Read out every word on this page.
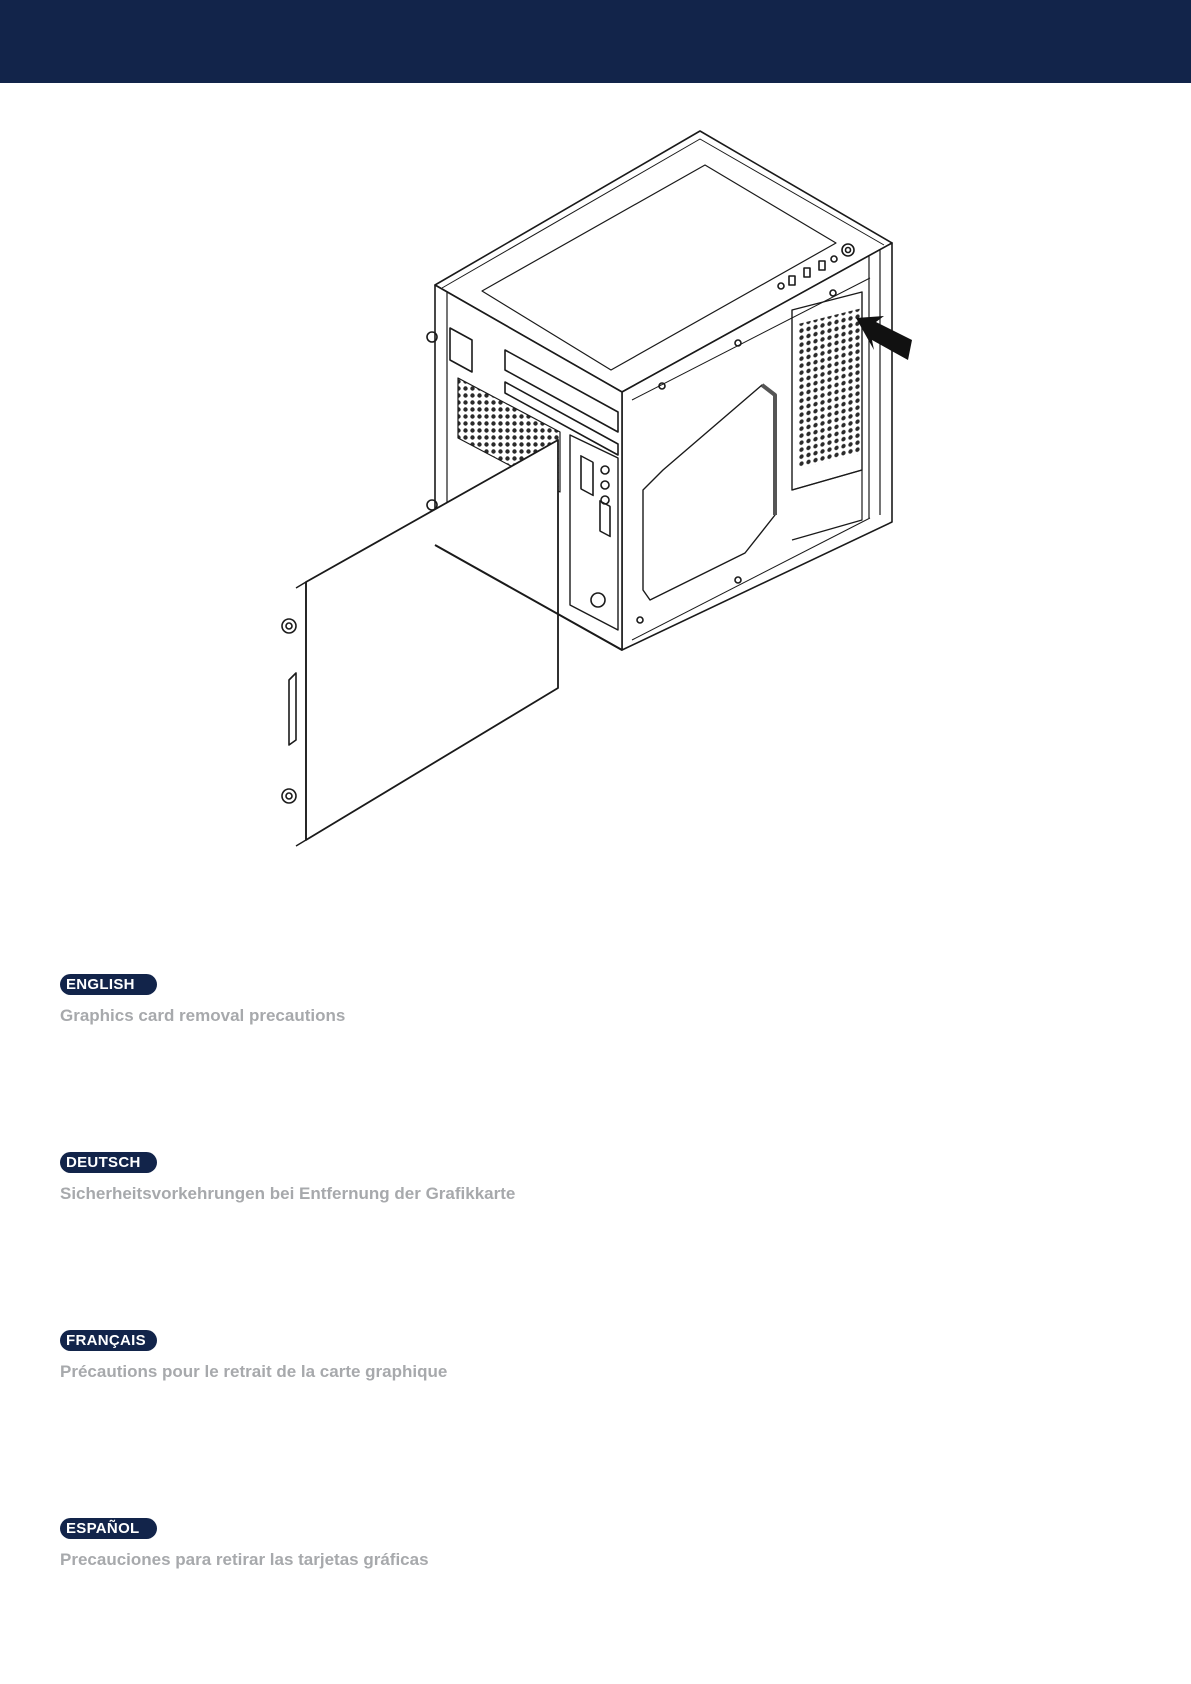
ENGLISH
Graphics card removal precautions
DEUTSCH
Sicherheitsvorkehrungen bei Entfernung der Grafikkarte
FRANÇAIS
Précautions pour le retrait de la carte graphique
ESPAÑOL
Precauciones para retirar las tarjetas gráficas
